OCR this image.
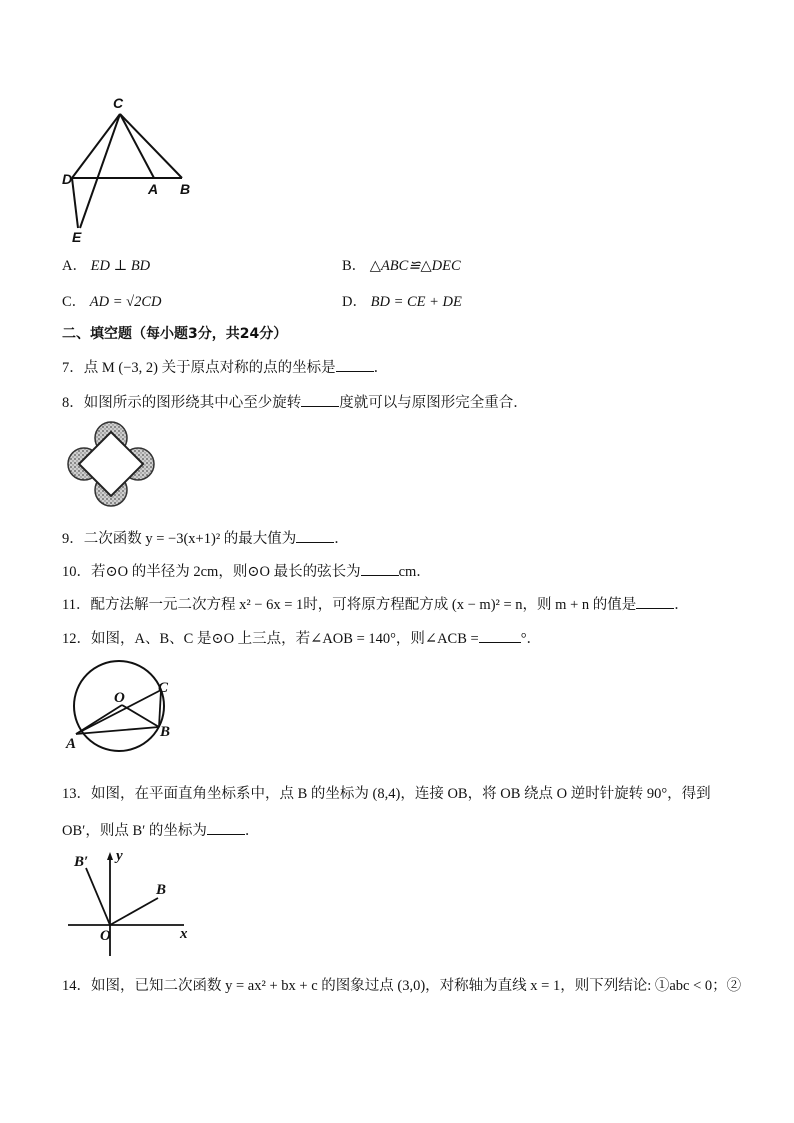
C
D
A B
E
A． ED ⊥ BD	B． △ABC≌△DEC
C． AD = √2CD	D． BD = CE + DE
二、填空题（每小题3分，共24分）
7．点 M (−3, 2) 关于原点对称的点的坐标是	．
8．如图所示的图形绕其中心至少旋转	度就可以与原图形完全重合．
9．二次函数 y = −3(x+1)² 的最大值为	．
10．若⊙O 的半径为 2cm，则⊙O 最长的弦长为	cm．
11．配方法解一元二次方程 x² − 6x = 1时，可将原方程配方成 (x − m)² = n，则 m + n 的值是	．
12．如图，A、B、C 是⊙O 上三点，若∠AOB = 140°，则∠ACB =	°．
O
C
A
B
13．如图，在平面直角坐标系中，点 B 的坐标为 (8,4)，连接 OB，将 OB 绕点 O 逆时针旋转 90°，得到
OB′，则点 B′ 的坐标为	．
B′ y
B
O	x
14．如图，已知二次函数 y = ax² + bx + c 的图象过点 (3,0)，对称轴为直线 x = 1，则下列结论: ①abc < 0；②
